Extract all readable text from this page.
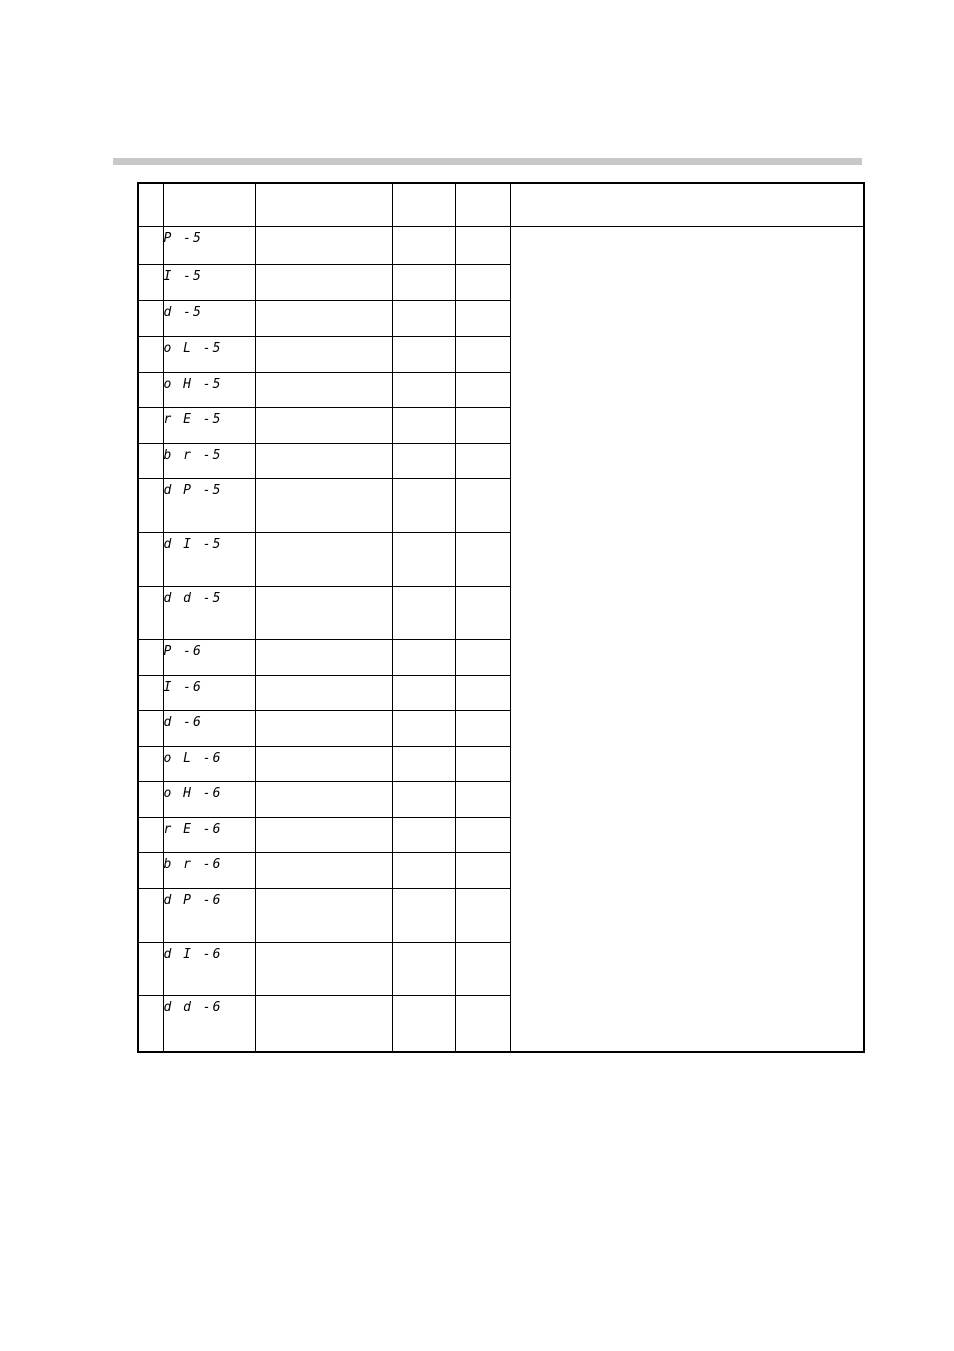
	P -5				
	I -5				
	d -5				
	o L -5				
	o H -5				
	r E -5				
	b r -5				
	d P -5				
	d I -5				
	d d -5				
	P -6				
	I -6				
	d -6				
	o L -6				
	o H -6				
	r E -6				
	b r -6				
	d P -6				
	d I -6				
	d d -6				
